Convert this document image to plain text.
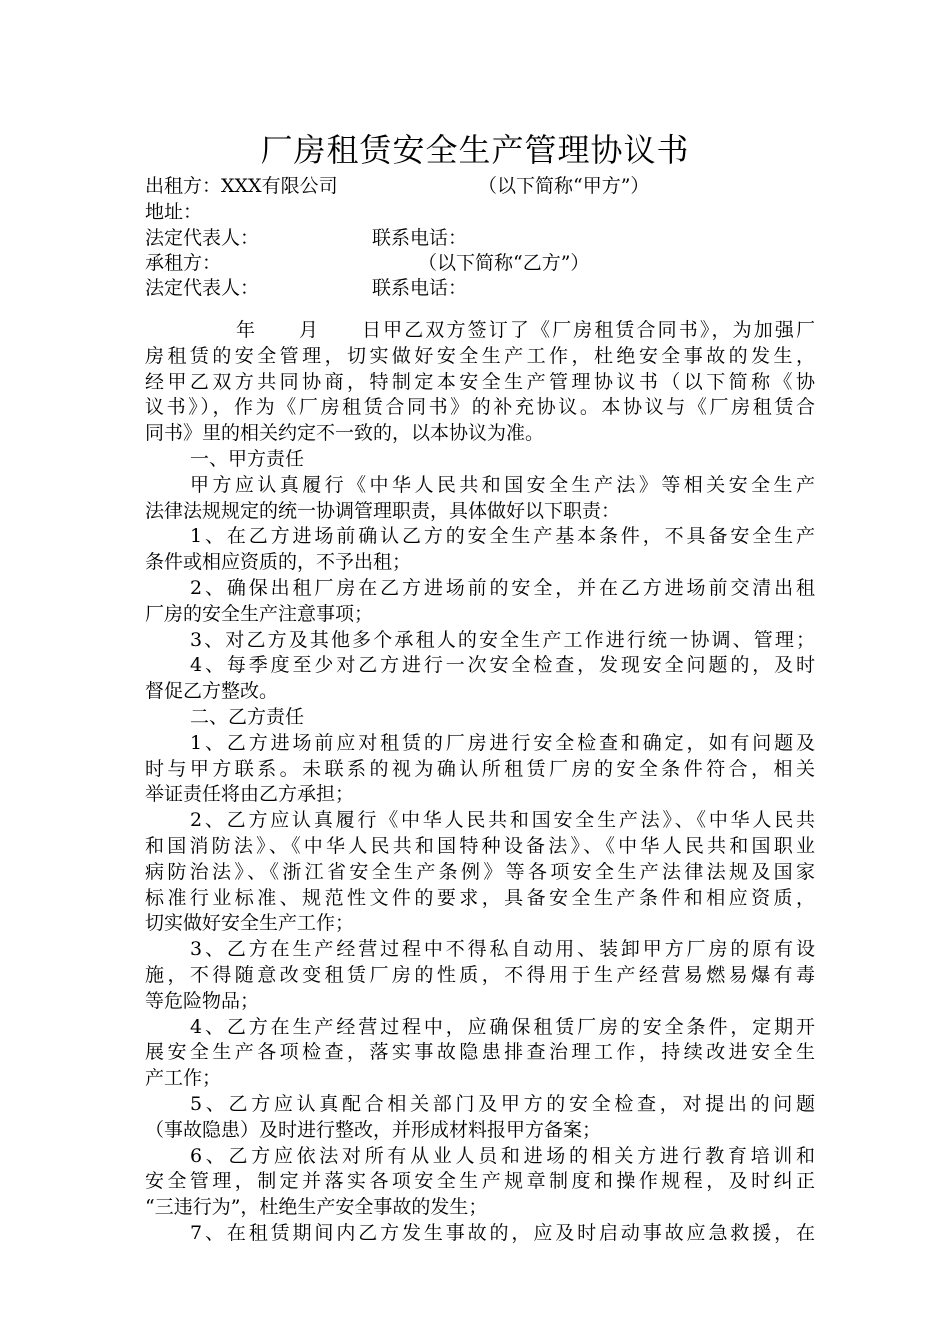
厂房租赁安全生产管理协议书
出租方：XXX有限公司	（以下简称“甲方”）
地址：
法定代表人：	联系电话：
承租方：	（以下简称“乙方”）
法定代表人：	联系电话：
年 月 日甲乙双方签订了《厂房租赁合同书》，为加强厂
房租赁的安全管理，切实做好安全生产工作，杜绝安全事故的发生，
经甲乙双方共同协商，特制定本安全生产管理协议书（以下简称《协
议书》），作为《厂房租赁合同书》的补充协议。本协议与《厂房租赁合
同书》里的相关约定不一致的，以本协议为准。
一、甲方责任
甲方应认真履行《中华人民共和国安全生产法》等相关安全生产
法律法规规定的统一协调管理职责，具体做好以下职责：
1、在乙方进场前确认乙方的安全生产基本条件，不具备安全生产
条件或相应资质的，不予出租；
2、确保出租厂房在乙方进场前的安全，并在乙方进场前交清出租
厂房的安全生产注意事项；
3、对乙方及其他多个承租人的安全生产工作进行统一协调、管理；
4、每季度至少对乙方进行一次安全检查，发现安全问题的，及时
督促乙方整改。
二、乙方责任
1、乙方进场前应对租赁的厂房进行安全检查和确定，如有问题及
时与甲方联系。未联系的视为确认所租赁厂房的安全条件符合，相关
举证责任将由乙方承担；
2、乙方应认真履行《中华人民共和国安全生产法》、《中华人民共
和国消防法》、《中华人民共和国特种设备法》、《中华人民共和国职业
病防治法》、《浙江省安全生产条例》等各项安全生产法律法规及国家
标准行业标准、规范性文件的要求，具备安全生产条件和相应资质，
切实做好安全生产工作；
3、乙方在生产经营过程中不得私自动用、装卸甲方厂房的原有设
施，不得随意改变租赁厂房的性质，不得用于生产经营易燃易爆有毒
等危险物品；
4、乙方在生产经营过程中，应确保租赁厂房的安全条件，定期开
展安全生产各项检查，落实事故隐患排查治理工作，持续改进安全生
产工作；
5、乙方应认真配合相关部门及甲方的安全检查，对提出的问题
（事故隐患）及时进行整改，并形成材料报甲方备案；
6、乙方应依法对所有从业人员和进场的相关方进行教育培训和
安全管理，制定并落实各项安全生产规章制度和操作规程，及时纠正
“三违行为”，杜绝生产安全事故的发生；
7、在租赁期间内乙方发生事故的，应及时启动事故应急救援，在
